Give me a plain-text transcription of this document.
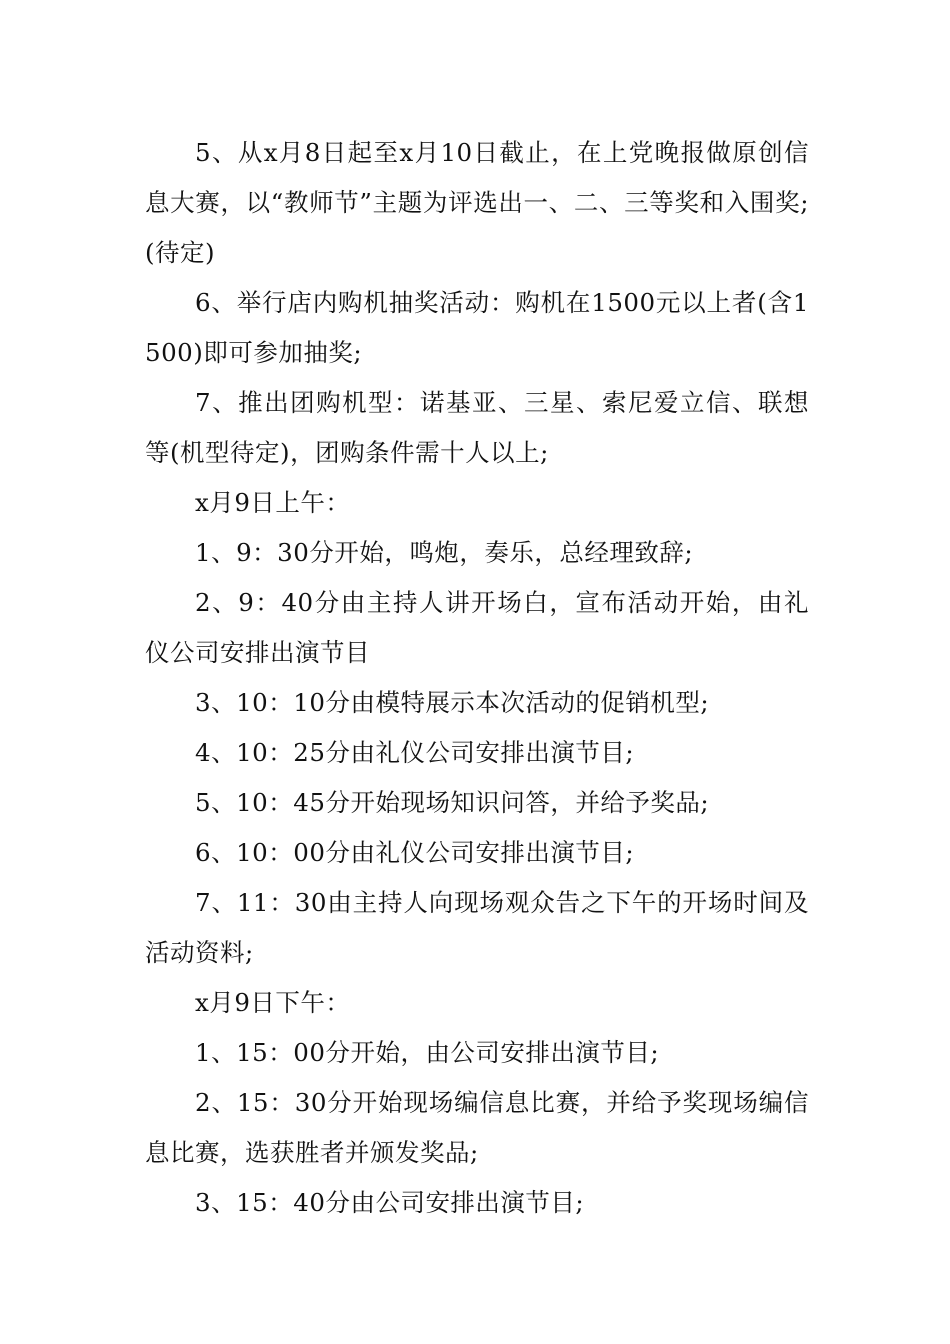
5、从x月8日起至x月10日截止，在上党晚报做原创信息大赛，以“教师节”主题为评选出一、二、三等奖和入围奖;(待定)

6、举行店内购机抽奖活动：购机在1500元以上者(含1500)即可参加抽奖;

7、推出团购机型：诺基亚、三星、索尼爱立信、联想等(机型待定)，团购条件需十人以上;

x月9日上午：

1、9：30分开始，鸣炮，奏乐，总经理致辞;

2、9：40分由主持人讲开场白，宣布活动开始，由礼仪公司安排出演节目

3、10：10分由模特展示本次活动的促销机型;

4、10：25分由礼仪公司安排出演节目;

5、10：45分开始现场知识问答，并给予奖品;

6、10：00分由礼仪公司安排出演节目;

7、11：30由主持人向现场观众告之下午的开场时间及活动资料;

x月9日下午：

1、15：00分开始，由公司安排出演节目;

2、15：30分开始现场编信息比赛，并给予奖现场编信息比赛，选获胜者并颁发奖品;

3、15：40分由公司安排出演节目;
